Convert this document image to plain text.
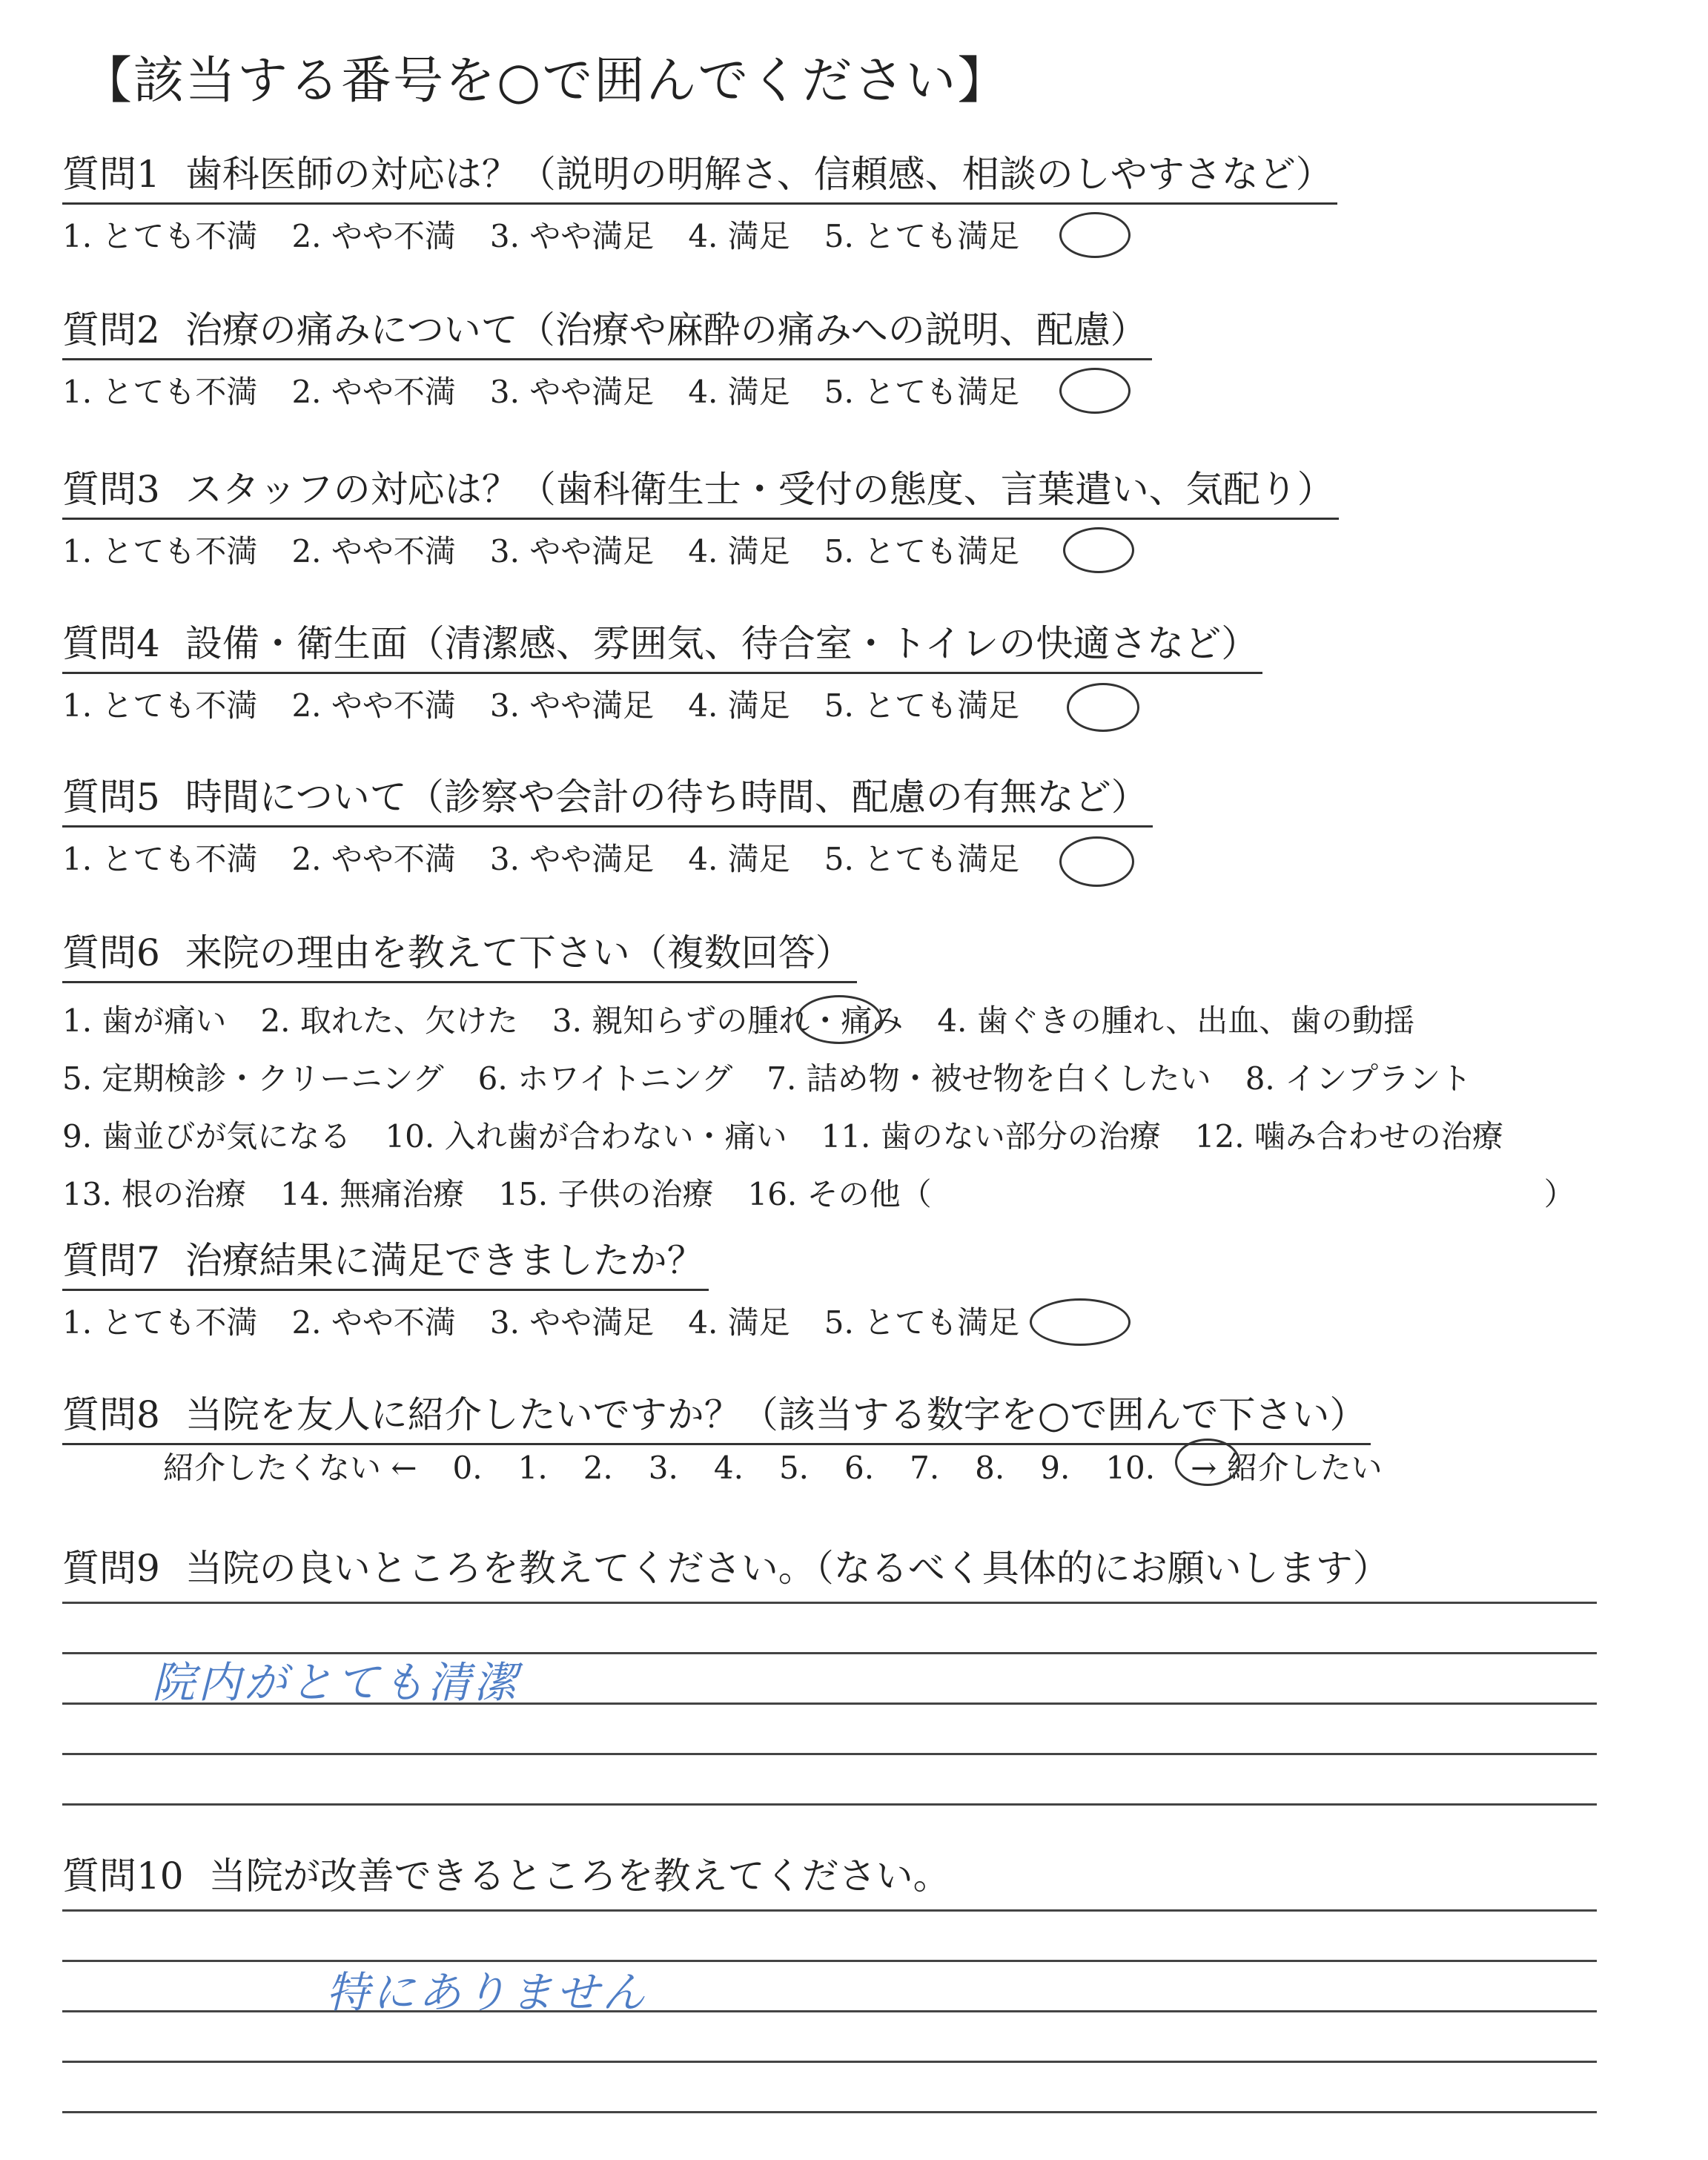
【該当する番号を○で囲んでください】
質問1 歯科医師の対応は？（説明の明解さ、信頼感、相談のしやすさなど）
1. とても不満 2. やや不満 3. やや満足 4. 満足 5. とても満足
質問2 治療の痛みについて（治療や麻酔の痛みへの説明、配慮）
1. とても不満 2. やや不満 3. やや満足 4. 満足 5. とても満足
質問3 スタッフの対応は？（歯科衛生士・受付の態度、言葉遣い、気配り）
1. とても不満 2. やや不満 3. やや満足 4. 満足 5. とても満足
質問4 設備・衛生面（清潔感、雰囲気、待合室・トイレの快適さなど）
1. とても不満 2. やや不満 3. やや満足 4. 満足 5. とても満足
質問5 時間について（診察や会計の待ち時間、配慮の有無など）
1. とても不満 2. やや不満 3. やや満足 4. 満足 5. とても満足
質問6 来院の理由を教えて下さい（複数回答）
1. 歯が痛い 2. 取れた、欠けた 3. 親知らずの腫れ・痛み 4. 歯ぐきの腫れ、出血、歯の動揺
5. 定期検診・クリーニング 6. ホワイトニング 7. 詰め物・被せ物を白くしたい 8. インプラント
9. 歯並びが気になる 10. 入れ歯が合わない・痛い 11. 歯のない部分の治療 12. 噛み合わせの治療
13. 根の治療 14. 無痛治療 15. 子供の治療 16. その他（	）
質問7 治療結果に満足できましたか？
1. とても不満 2. やや不満 3. やや満足 4. 満足 5. とても満足
質問8 当院を友人に紹介したいですか？（該当する数字を○で囲んで下さい）
紹介したくない ← 0. 1. 2. 3. 4. 5. 6. 7. 8. 9. 10. → 紹介したい
質問9 当院の良いところを教えてください。（なるべく具体的にお願いします）
院内がとても清潔
質問10 当院が改善できるところを教えてください。
特にありません
